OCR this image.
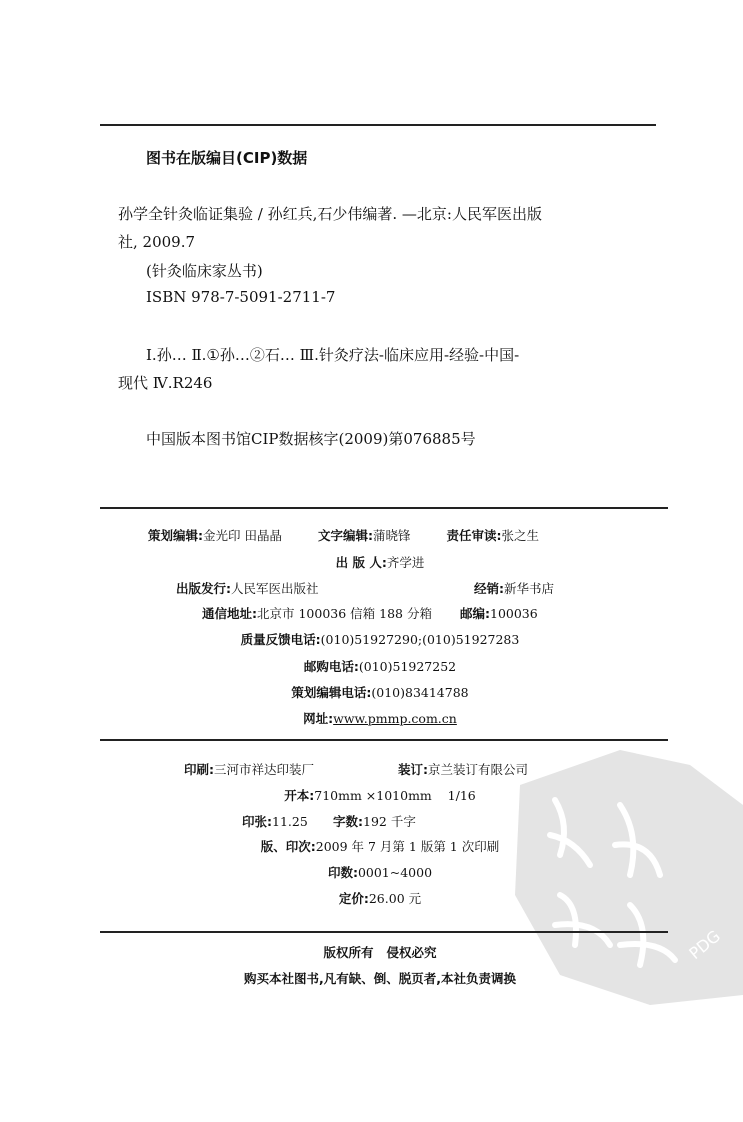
图书在版编目(CIP)数据
孙学全针灸临证集验 / 孙红兵,石少伟编著. —北京:人民军医出版
社, 2009.7
(针灸临床家丛书)
ISBN 978-7-5091-2711-7
Ⅰ.孙… Ⅱ.①孙…②石… Ⅲ.针灸疗法-临床应用-经验-中国-
现代 Ⅳ.R246
中国版本图书馆CIP数据核字(2009)第076885号
策划编辑:金光印 田晶晶	文字编辑:蒲晓锋	责任审读:张之生
出 版 人:齐学进
出版发行:人民军医出版社	经销:新华书店
通信地址:北京市 100036 信箱 188 分箱 邮编:100036
质量反馈电话:(010)51927290;(010)51927283
邮购电话:(010)51927252
策划编辑电话:(010)83414788
网址:www.pmmp.com.cn
PDG
印刷:三河市祥达印装厂	装订:京兰装订有限公司
开本:710mm ×1010mm    1/16
印张:11.25 字数:192 千字
版、印次:2009 年 7 月第 1 版第 1 次印刷
印数:0001~4000
定价:26.00 元
版权所有   侵权必究
购买本社图书,凡有缺、倒、脱页者,本社负责调换
